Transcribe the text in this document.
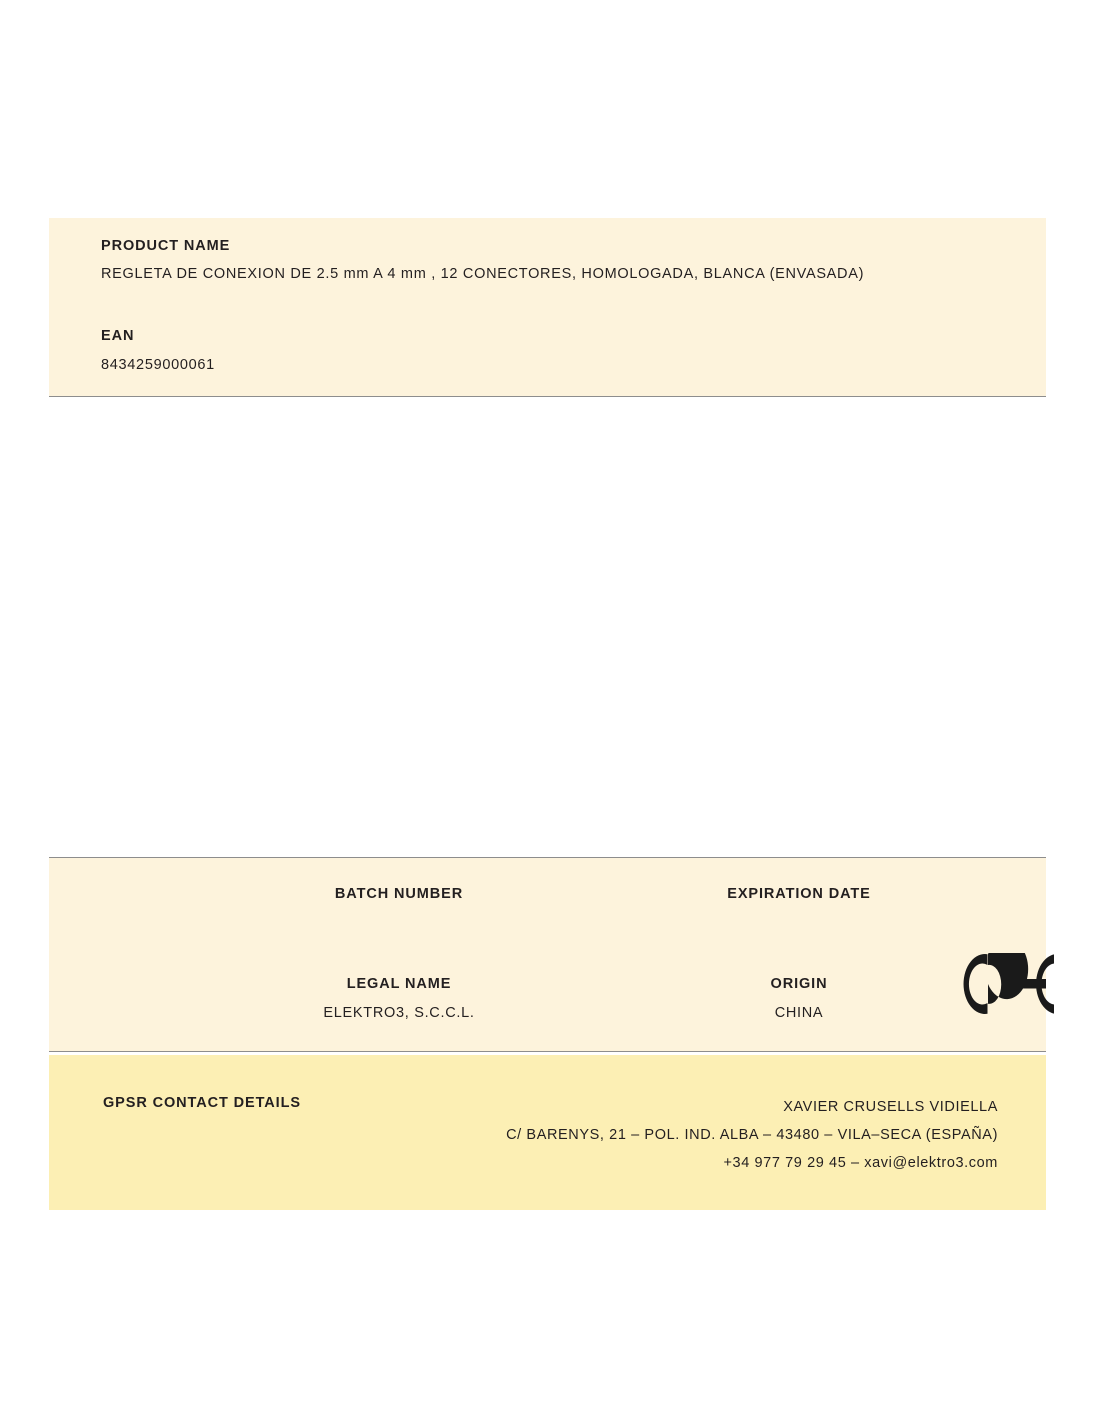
PRODUCT NAME
REGLETA DE CONEXION DE 2.5 mm A 4 mm , 12 CONECTORES, HOMOLOGADA, BLANCA (ENVASADA)
EAN
8434259000061
BATCH NUMBER	EXPIRATION DATE
LEGAL NAME
ELEKTRO3, S.C.C.L.
ORIGIN
CHINA
GPSR CONTACT DETAILS	XAVIER CRUSELLS VIDIELLA
C/ BARENYS, 21 – POL. IND. ALBA – 43480 – VILA–SECA (ESPAÑA)
+34 977 79 29 45 – xavi@elektro3.com
